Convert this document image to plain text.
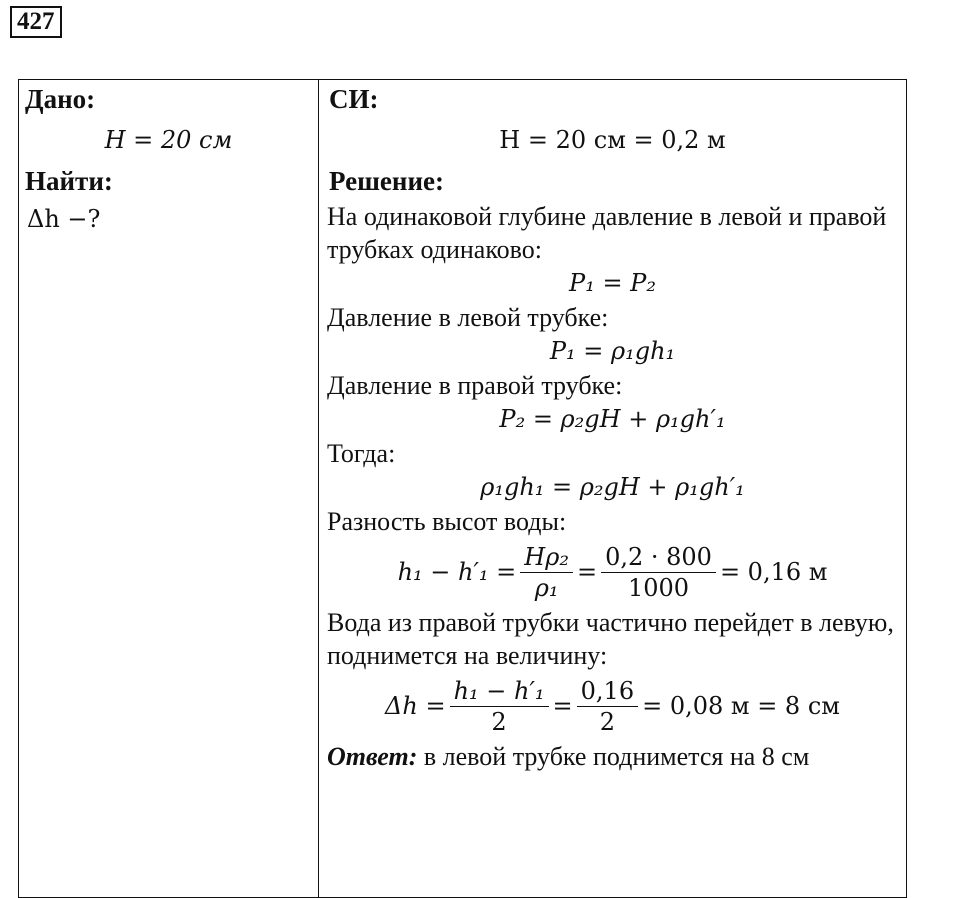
427
Дано:
H = 20 см
Найти:
Δh −?

СИ:
H = 20 см = 0,2 м
Решение:
На одинаковой глубине давление в левой и правой трубках одинаково:
P₁ = P₂
Давление в левой трубке:
P₁ = ρ₁gh₁
Давление в правой трубке:
P₂ = ρ₂gH + ρ₁gh′₁
Тогда:
ρ₁gh₁ = ρ₂gH + ρ₁gh′₁
Разность высот воды:
$h_1 - h'_1 = \frac{\text{Hρ₂}}{\text{ρ₁}} = \frac{0,2 \cdot 800}{1000} = 0,16$ м
Вода из правой трубки частично перейдет в левую, поднимется на величину:
$\Delta h = \frac{\text{h₁ − h′₁}}{2} = \frac{0,16}{2} = 0,08$ м = 8 см
Ответ: в левой трубке поднимется на 8 см
